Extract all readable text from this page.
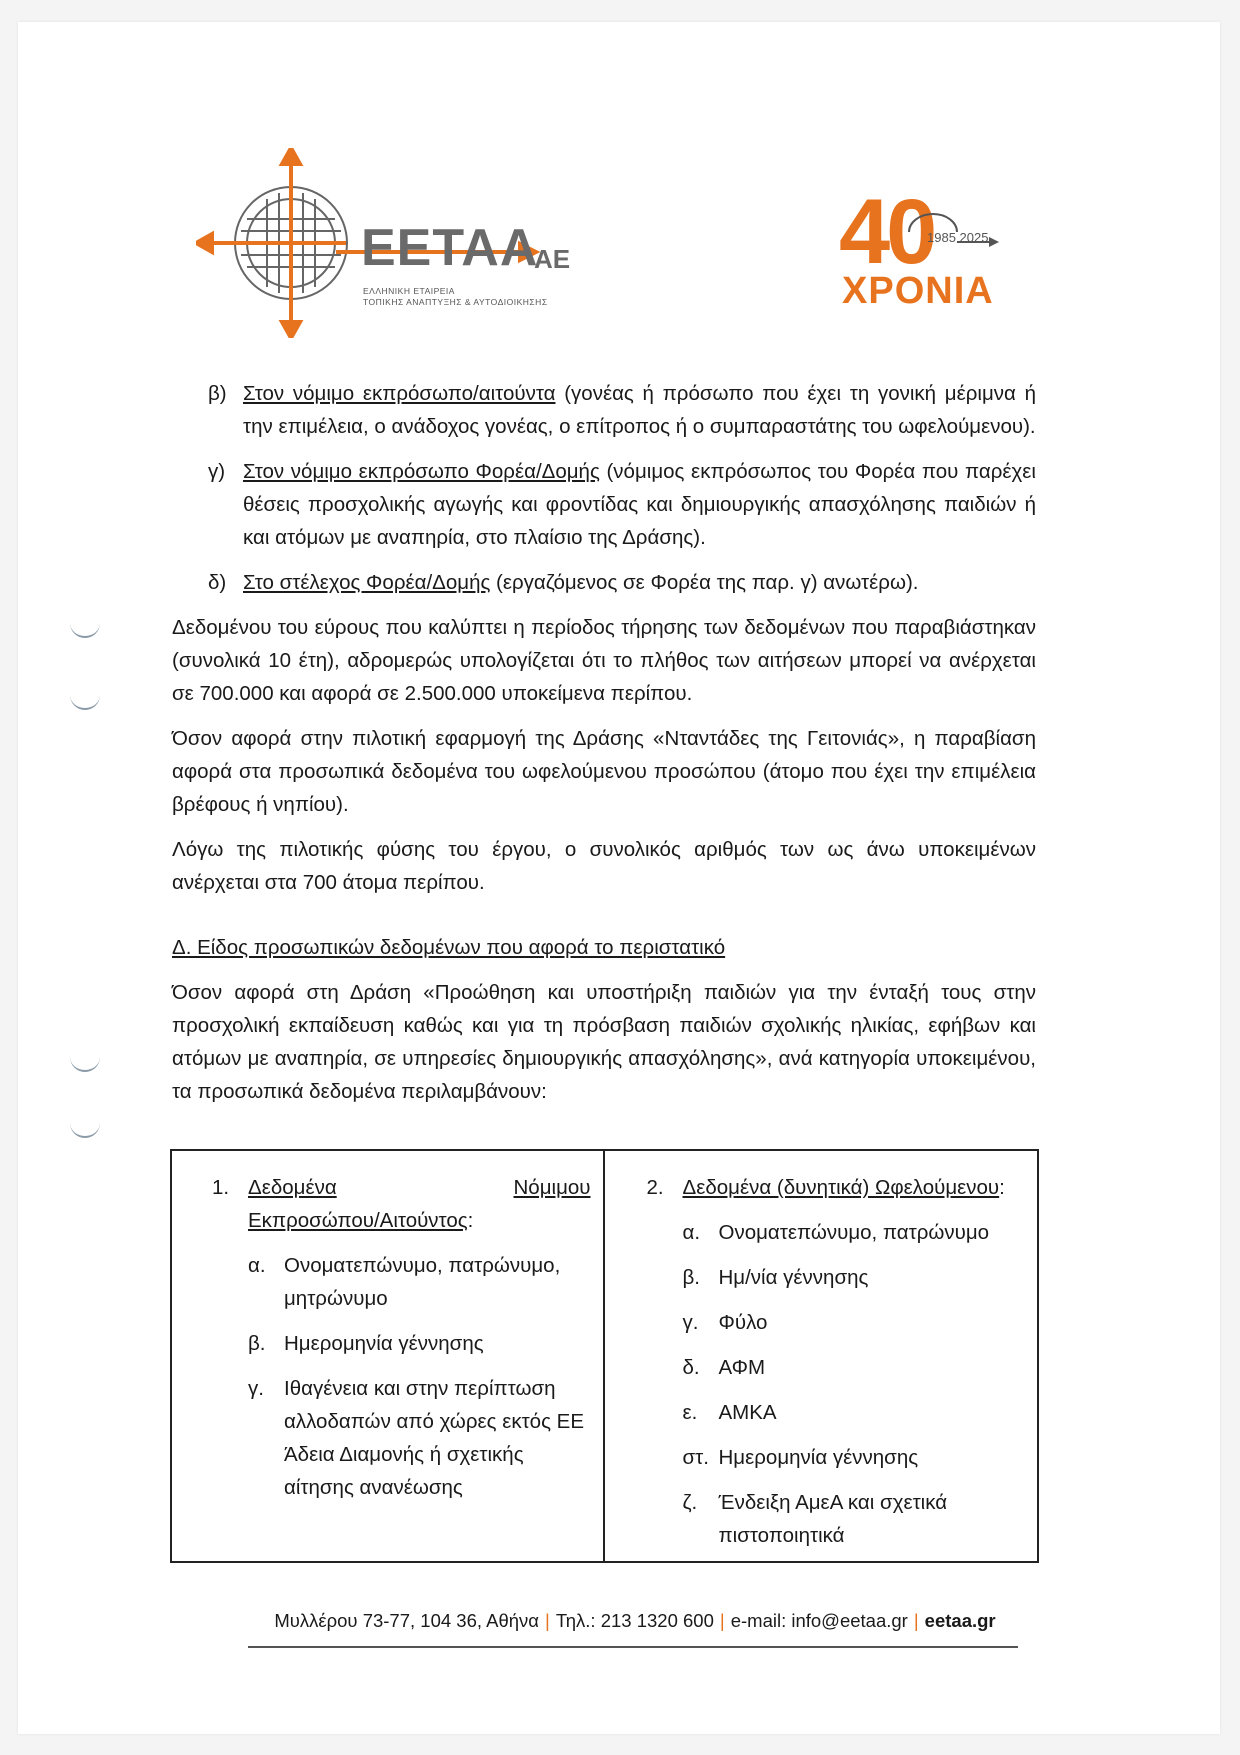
ΕΕΤΑΑ
ΑΕ
ΕΛΛΗΝΙΚΗ ΕΤΑΙΡΕΙΑ
ΤΟΠΙΚΗΣ ΑΝΑΠΤΥΞΗΣ & ΑΥΤΟΔΙΟΙΚΗΣΗΣ
40
1985 2025
ΧΡΟΝΙΑ
β) Στον νόμιμο εκπρόσωπο/αιτούντα (γονέας ή πρόσωπο που έχει τη γονική μέριμνα ή την επιμέλεια, ο ανάδοχος γονέας, ο επίτροπος ή ο συμπαραστάτης του ωφελούμενου).
γ) Στον νόμιμο εκπρόσωπο Φορέα/Δομής (νόμιμος εκπρόσωπος του Φορέα που παρέχει θέσεις προσχολικής αγωγής και φροντίδας και δημιουργικής απασχόλησης παιδιών ή και ατόμων με αναπηρία, στο πλαίσιο της Δράσης).
δ) Στο στέλεχος Φορέα/Δομής (εργαζόμενος σε Φορέα της παρ. γ) ανωτέρω).

Δεδομένου του εύρους που καλύπτει η περίοδος τήρησης των δεδομένων που παραβιάστηκαν (συνολικά 10 έτη), αδρομερώς υπολογίζεται ότι το πλήθος των αιτήσεων μπορεί να ανέρχεται σε 700.000 και αφορά σε 2.500.000 υποκείμενα περίπου.

Όσον αφορά στην πιλοτική εφαρμογή της Δράσης «Νταντάδες της Γειτονιάς», η παραβίαση αφορά στα προσωπικά δεδομένα του ωφελούμενου προσώπου (άτομο που έχει την επιμέλεια βρέφους ή νηπίου).

Λόγω της πιλοτικής φύσης του έργου, ο συνολικός αριθμός των ως άνω υποκειμένων ανέρχεται στα 700 άτομα περίπου.

Δ. Είδος προσωπικών δεδομένων που αφορά το περιστατικό

Όσον αφορά στη Δράση «Προώθηση και υποστήριξη παιδιών για την ένταξή τους στην προσχολική εκπαίδευση καθώς και για τη πρόσβαση παιδιών σχολικής ηλικίας, εφήβων και ατόμων με αναπηρία, σε υπηρεσίες δημιουργικής απασχόλησης», ανά κατηγορία υποκειμένου, τα προσωπικά δεδομένα περιλαμβάνουν:

1. Δεδομένα	Νόμιμου
Εκπροσώπου/Αιτούντος:
α. Ονοματεπώνυμο, πατρώνυμο, μητρώνυμο
β. Ημερομηνία γέννησης
γ. Ιθαγένεια και στην περίπτωση αλλοδαπών από χώρες εκτός ΕΕ Άδεια Διαμονής ή σχετικής αίτησης ανανέωσης
2. Δεδομένα (δυνητικά) Ωφελούμενου:
α. Ονοματεπώνυμο, πατρώνυμο
β. Ημ/νία γέννησης
γ. Φύλο
δ. ΑΦΜ
ε.	ΑΜΚΑ
στ. Ημερομηνία γέννησης
ζ.	Ένδειξη ΑμεΑ και σχετικά πιστοποιητικά
Μυλλέρου 73-77, 104 36, Αθήνα | Τηλ.: 213 1320 600 | e-mail: info@eetaa.gr | eetaa.gr
